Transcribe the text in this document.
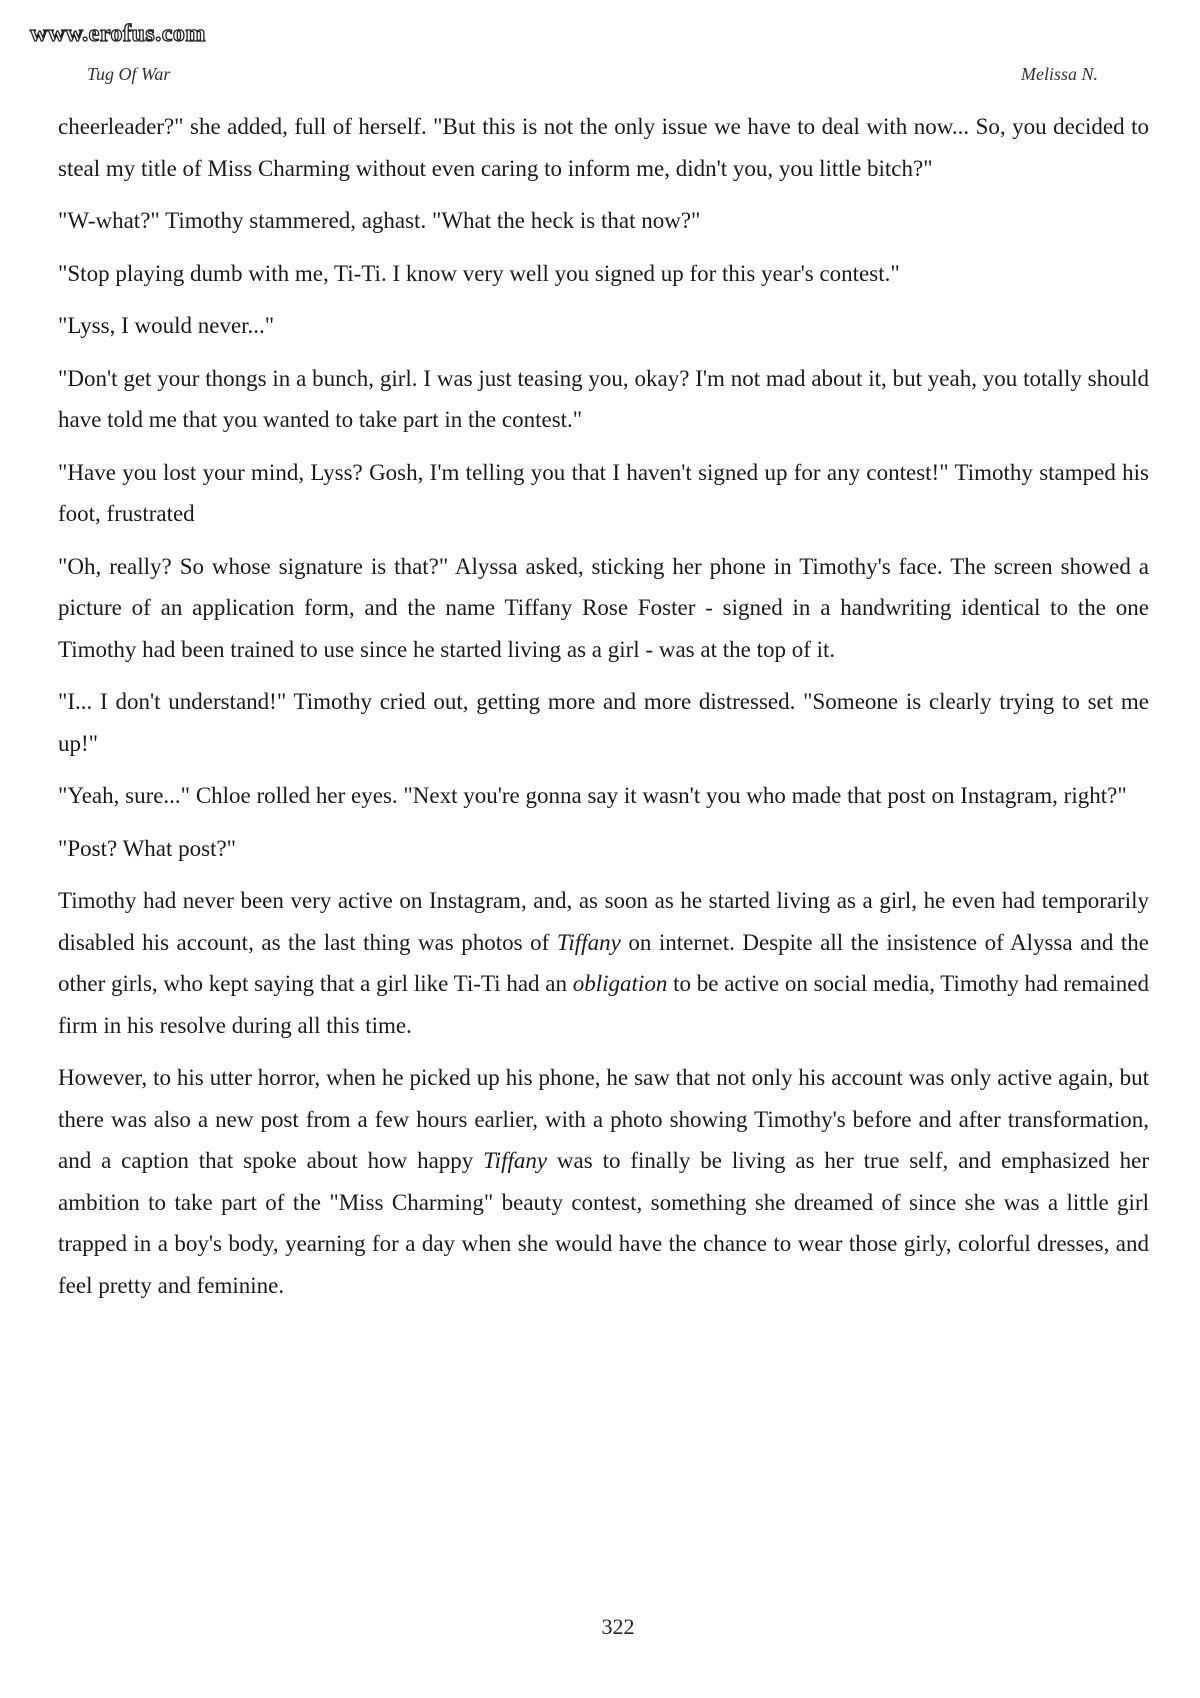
www.erofus.com
Tug Of War	Melissa N.

cheerleader?" she added, full of herself. "But this is not the only issue we have to deal with now... So, you decided to steal my title of Miss Charming without even caring to inform me, didn't you, you little bitch?"

"W-what?" Timothy stammered, aghast. "What the heck is that now?"

"Stop playing dumb with me, Ti-Ti. I know very well you signed up for this year's contest."

"Lyss, I would never..."

"Don't get your thongs in a bunch, girl. I was just teasing you, okay? I'm not mad about it, but yeah, you totally should have told me that you wanted to take part in the contest."

"Have you lost your mind, Lyss? Gosh, I'm telling you that I haven't signed up for any contest!" Timothy stamped his foot, frustrated

"Oh, really? So whose signature is that?" Alyssa asked, sticking her phone in Timothy's face. The screen showed a picture of an application form, and the name Tiffany Rose Foster - signed in a handwriting identical to the one Timothy had been trained to use since he started living as a girl - was at the top of it.

"I... I don't understand!" Timothy cried out, getting more and more distressed. "Someone is clearly trying to set me up!"

"Yeah, sure..." Chloe rolled her eyes. "Next you're gonna say it wasn't you who made that post on Instagram, right?"

"Post? What post?"

Timothy had never been very active on Instagram, and, as soon as he started living as a girl, he even had temporarily disabled his account, as the last thing was photos of Tiffany on internet. Despite all the insistence of Alyssa and the other girls, who kept saying that a girl like Ti-Ti had an obligation to be active on social media, Timothy had remained firm in his resolve during all this time.

However, to his utter horror, when he picked up his phone, he saw that not only his account was only active again, but there was also a new post from a few hours earlier, with a photo showing Timothy's before and after transformation, and a caption that spoke about how happy Tiffany was to finally be living as her true self, and emphasized her ambition to take part of the "Miss Charming" beauty contest, something she dreamed of since she was a little girl trapped in a boy's body, yearning for a day when she would have the chance to wear those girly, colorful dresses, and feel pretty and feminine.

322
